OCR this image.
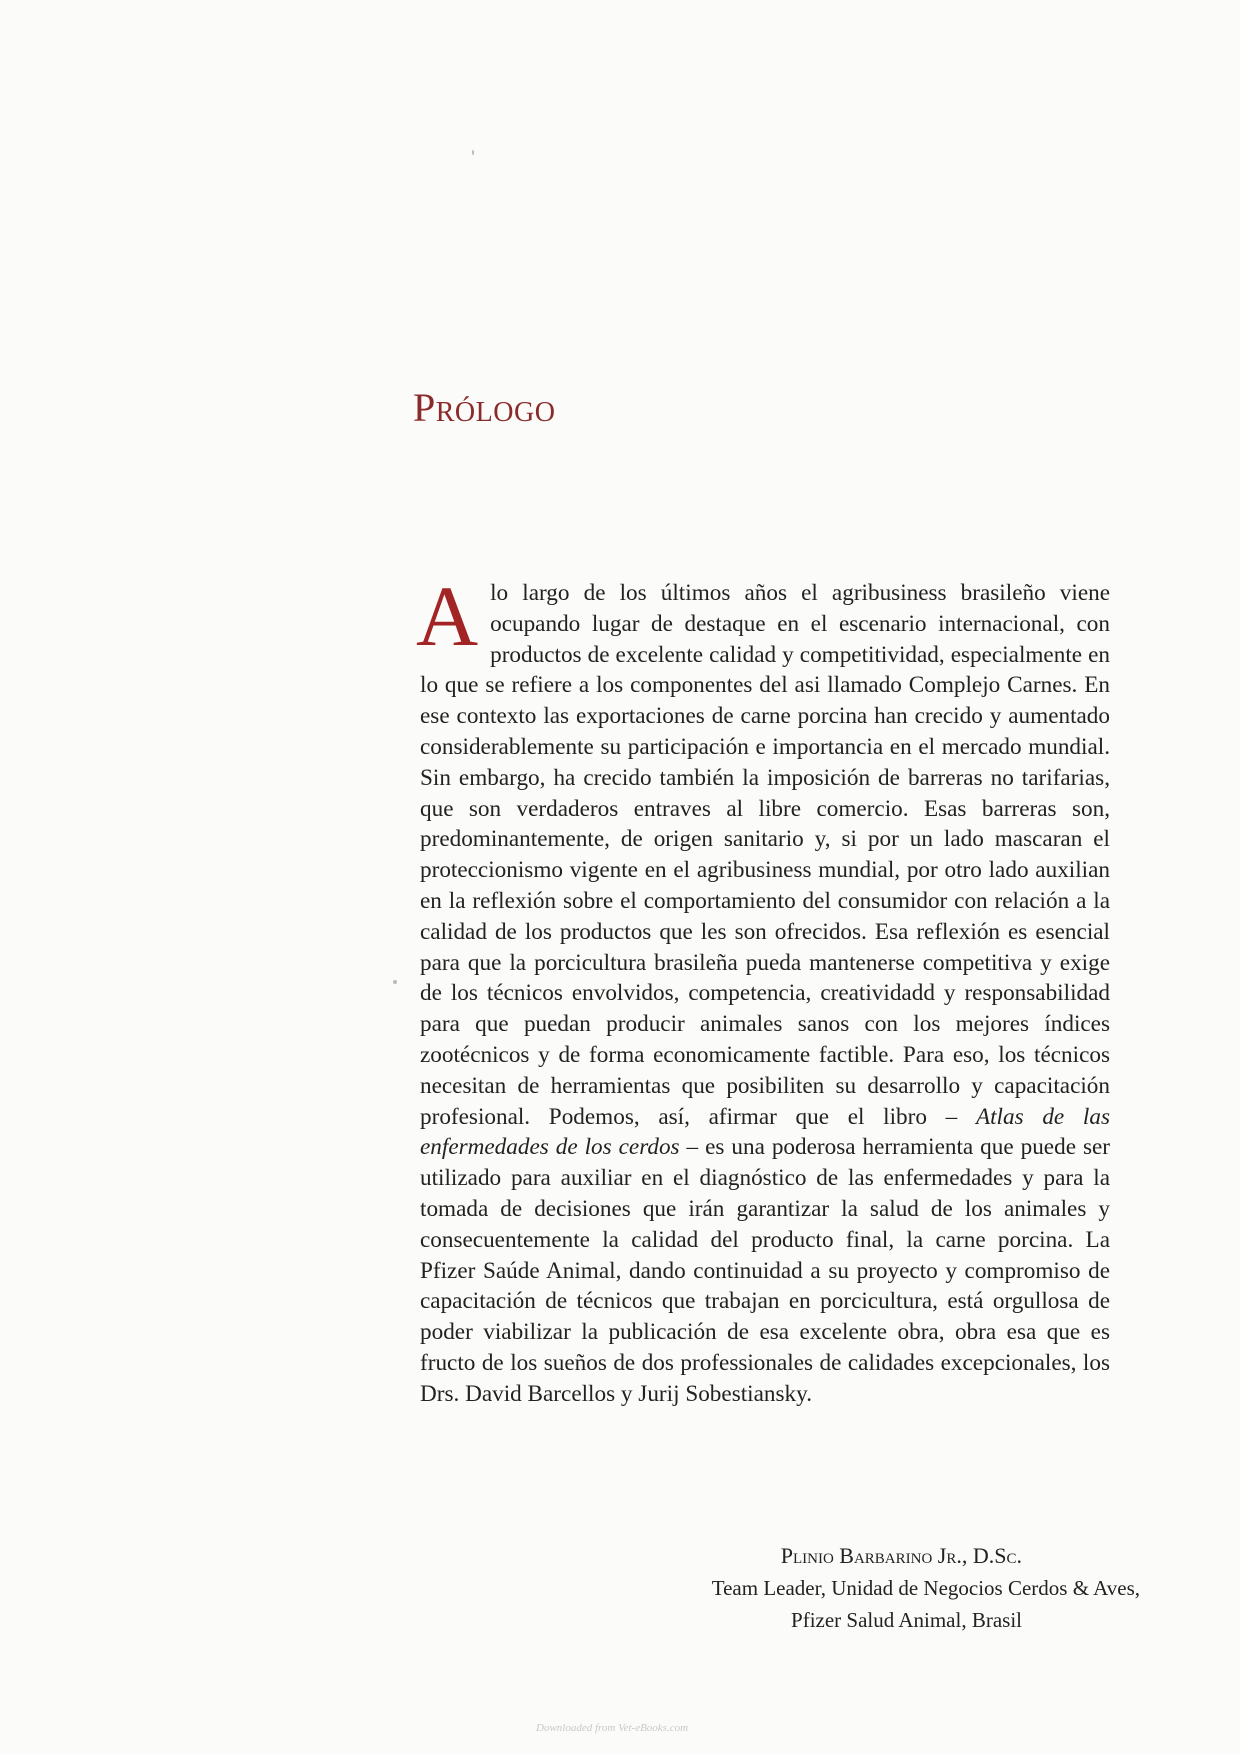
Prólogo
Alo largo de los últimos años el agribusiness brasileño viene ocupando lugar de destaque en el escenario internacional, con productos de excelente calidad y competitividad, especialmente en lo que se refiere a los componentes del asi llamado Complejo Carnes. En ese contexto las exportaciones de carne porcina han crecido y aumentado considerablemente su participación e importancia en el mercado mundial. Sin embargo, ha crecido también la imposición de barreras no tarifarias, que son verdaderos entraves al libre comercio. Esas barreras son, predominantemente, de origen sanitario y, si por un lado mascaran el proteccionismo vigente en el agribusiness mundial, por otro lado auxilian en la reflexión sobre el comportamiento del consumidor con relación a la calidad de los productos que les son ofrecidos. Esa reflexión es esencial para que la porcicultura brasileña pueda mantenerse competitiva y exige de los técnicos envolvidos, competencia, creatividadd y responsabilidad para que puedan producir animales sanos con los mejores índices zootécnicos y de forma economicamente factible. Para eso, los técnicos necesitan de herramientas que posibiliten su desarrollo y capacitación profesional. Podemos, así, afirmar que el libro – Atlas de las enfermedades de los cerdos – es una poderosa herramienta que puede ser utilizado para auxiliar en el diagnóstico de las enfermedades y para la tomada de decisiones que irán garantizar la salud de los animales y consecuentemente la calidad del producto final, la carne porcina. La Pfizer Saúde Animal, dando continuidad a su proyecto y compromiso de capacitación de técnicos que trabajan en porcicultura, está orgullosa de poder viabilizar la publicación de esa excelente obra, obra esa que es fructo de los sueños de dos professionales de calidades excepcionales, los Drs. David Barcellos y Jurij Sobestiansky.
Plinio Barbarino Jr., D.Sc.
Team Leader, Unidad de Negocios Cerdos & Aves,
Pfizer Salud Animal, Brasil
Downloaded from Vet-eBooks.com
